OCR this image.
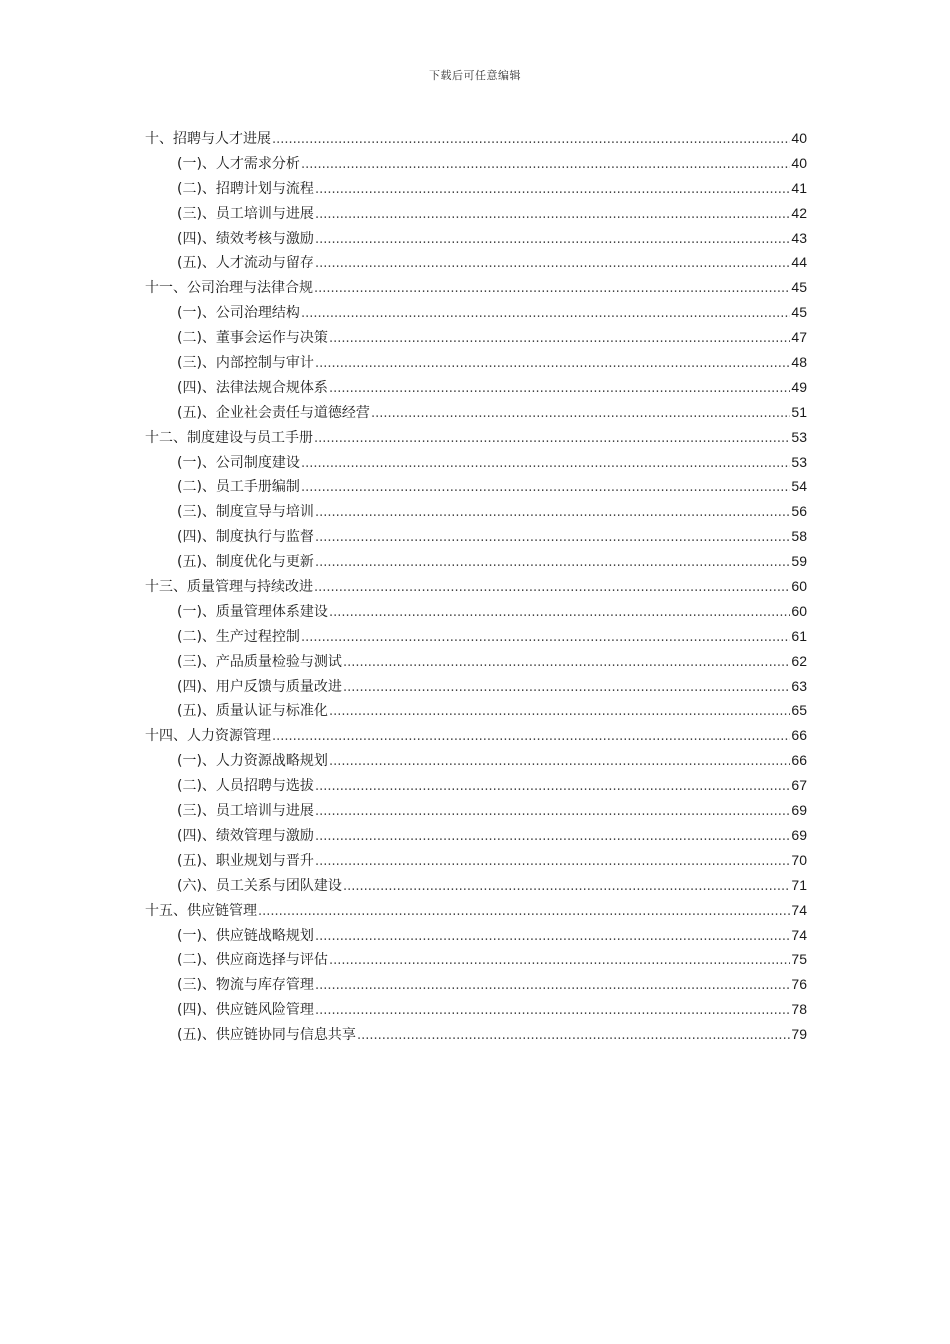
下载后可任意编辑
十、招聘与人才进展 .....	40
(一)、人才需求分析 .....	40
(二)、招聘计划与流程 .....	41
(三)、员工培训与进展 .....	42
(四)、绩效考核与激励 .....	43
(五)、人才流动与留存 .....	44
十一、公司治理与法律合规 .....	45
(一)、公司治理结构 .....	45
(二)、董事会运作与决策 .....	47
(三)、内部控制与审计 .....	48
(四)、法律法规合规体系 .....	49
(五)、企业社会责任与道德经营 .....	51
十二、制度建设与员工手册 .....	53
(一)、公司制度建设 .....	53
(二)、员工手册编制 .....	54
(三)、制度宣导与培训 .....	56
(四)、制度执行与监督 .....	58
(五)、制度优化与更新 .....	59
十三、质量管理与持续改进 .....	60
(一)、质量管理体系建设 .....	60
(二)、生产过程控制 .....	61
(三)、产品质量检验与测试 .....	62
(四)、用户反馈与质量改进 .....	63
(五)、质量认证与标准化 .....	65
十四、人力资源管理 .....	66
(一)、人力资源战略规划 .....	66
(二)、人员招聘与选拔 .....	67
(三)、员工培训与进展 .....	69
(四)、绩效管理与激励 .....	69
(五)、职业规划与晋升 .....	70
(六)、员工关系与团队建设 .....	71
十五、供应链管理 .....	74
(一)、供应链战略规划 .....	74
(二)、供应商选择与评估 .....	75
(三)、物流与库存管理 .....	76
(四)、供应链风险管理 .....	78
(五)、供应链协同与信息共享 .....	79
